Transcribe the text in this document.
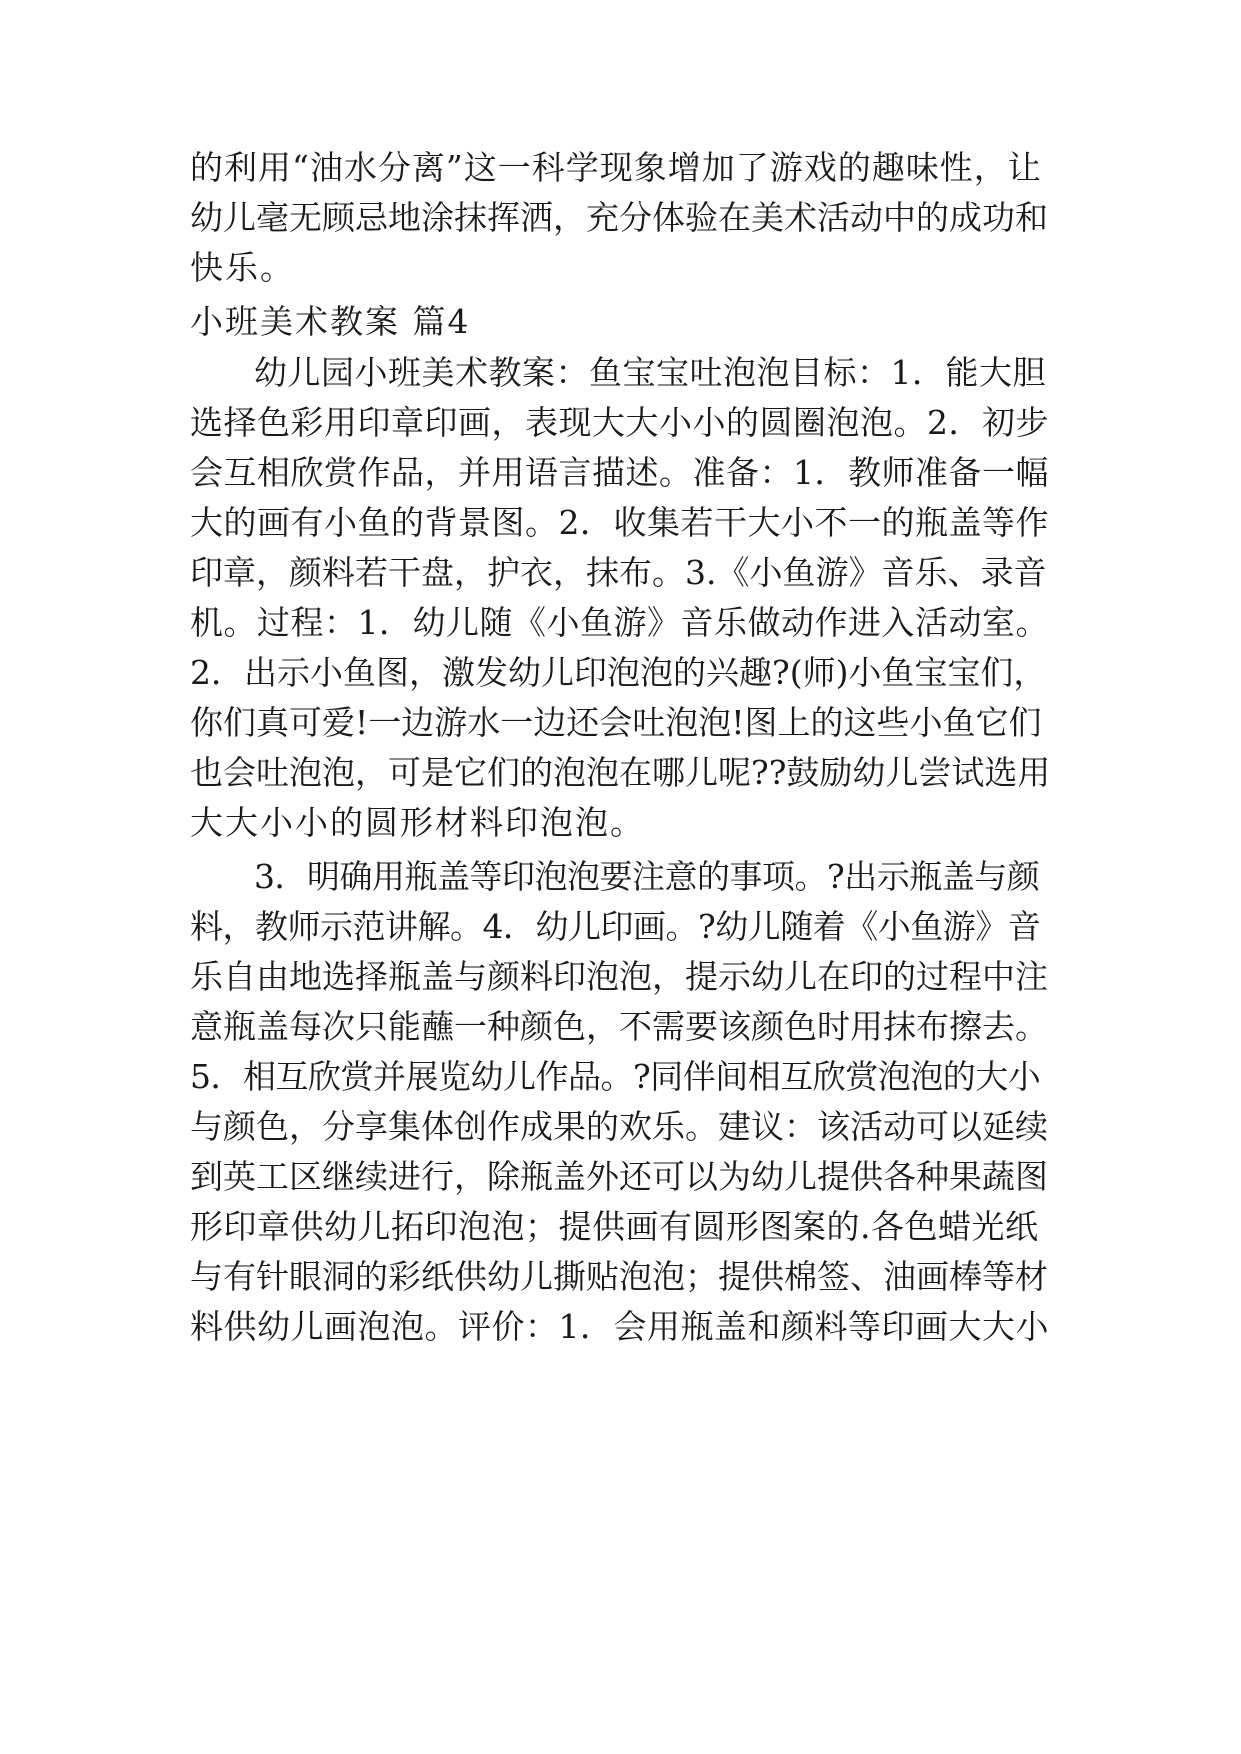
的利用“油水分离”这一科学现象增加了游戏的趣味性，让
幼儿毫无顾忌地涂抹挥洒，充分体验在美术活动中的成功和
快乐。
小班美术教案 篇4
幼儿园小班美术教案：鱼宝宝吐泡泡目标：1．能大胆
选择色彩用印章印画，表现大大小小的圆圈泡泡。2．初步
会互相欣赏作品，并用语言描述。准备：1．教师准备一幅
大的画有小鱼的背景图。2．收集若干大小不一的瓶盖等作
印章，颜料若干盘，护衣，抹布。3.《小鱼游》音乐、录音
机。过程：1．幼儿随《小鱼游》音乐做动作进入活动室。
2．出示小鱼图，激发幼儿印泡泡的兴趣?(师)小鱼宝宝们，
你们真可爱!一边游水一边还会吐泡泡!图上的这些小鱼它们
也会吐泡泡，可是它们的泡泡在哪儿呢??鼓励幼儿尝试选用
大大小小的圆形材料印泡泡。
3．明确用瓶盖等印泡泡要注意的事项。?出示瓶盖与颜
料，教师示范讲解。4．幼儿印画。?幼儿随着《小鱼游》音
乐自由地选择瓶盖与颜料印泡泡，提示幼儿在印的过程中注
意瓶盖每次只能蘸一种颜色，不需要该颜色时用抹布擦去。
5．相互欣赏并展览幼儿作品。?同伴间相互欣赏泡泡的大小
与颜色，分享集体创作成果的欢乐。建议：该活动可以延续
到英工区继续进行，除瓶盖外还可以为幼儿提供各种果蔬图
形印章供幼儿拓印泡泡；提供画有圆形图案的.各色蜡光纸
与有针眼洞的彩纸供幼儿撕贴泡泡；提供棉签、油画棒等材
料供幼儿画泡泡。评价：1．会用瓶盖和颜料等印画大大小
